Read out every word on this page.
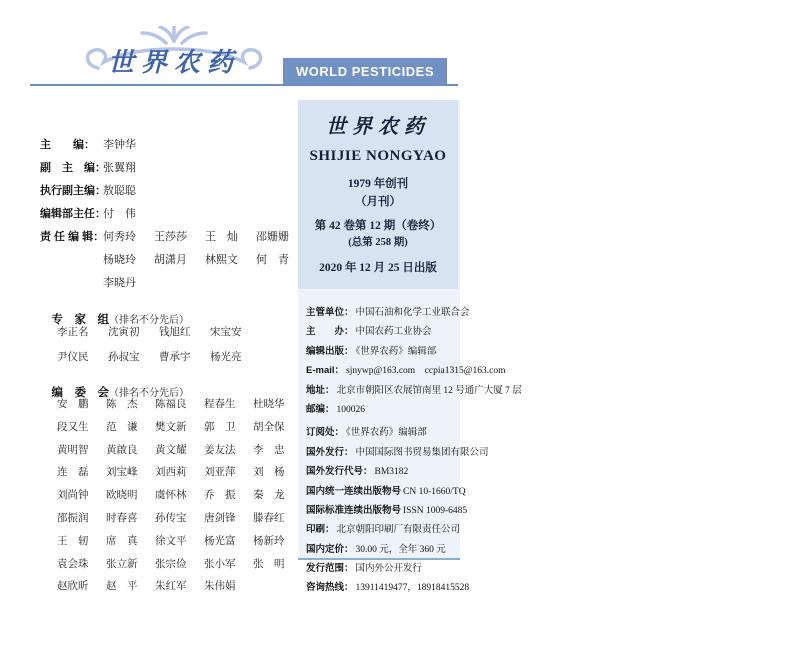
世界农药	WORLD PESTICIDES
主　　编： 李钟华
副　主　编：
张翼翔
执行副主编：
敖聪聪
编辑部主任：
付　伟
责 任 编 辑：
何秀玲	王莎莎	王　灿	邵姗姗
杨晓玲	胡潇月	林熙文	何　青
李晓丹

专　家　组（排名不分先后）

李正名	沈寅初	钱旭红	宋宝安
尹仪民	孙叔宝	曹承宇	杨光亮

编　委　会（排名不分先后）

安　鹏	陈　杰	陈福良	程春生	杜晓华
段又生	范　谦	樊文新	郭　卫	胡全保
黄明智	黄啟良	黄文耀	姜友法	李　忠
连　磊	刘宝峰	刘西莉	刘亚萍	刘　杨
刘尚钟	欧晓明	虞怀林	乔　振	秦　龙
邵振润	时春喜	孙传宝	唐剑锋	滕春红
王　轫	席　真	徐文平	杨光富	杨新玲
袁会珠	张立新	张宗俭	张小军	张　明
赵欣昕	赵　平	朱红军	朱伟娟
世界农药
SHIJIE NONGYAO
1979 年创刊
（月刊）
第 42 卷第 12 期（卷终）
(总第 258 期)
2020 年 12 月 25 日出版
主管单位： 中国石油和化学工业联合会
主　　办： 中国农药工业协会
编辑出版： 《世界农药》编辑部
E-mail： sjnywp@163.com　ccpia1315@163.com
地址： 北京市朝阳区农展馆南里 12 号通广大厦 7 层
邮编： 100026
订阅处： 《世界农药》编辑部
国外发行： 中国国际图书贸易集团有限公司
国外发行代号： BM3182
国内统一连续出版物号 CN 10-1660/TQ
国际标准连续出版物号 ISSN 1009-6485
印刷： 北京朝阳印刷厂有限责任公司
国内定价： 30.00 元，全年 360 元
发行范围： 国内外公开发行
咨询热线： 13911419477，18918415528
